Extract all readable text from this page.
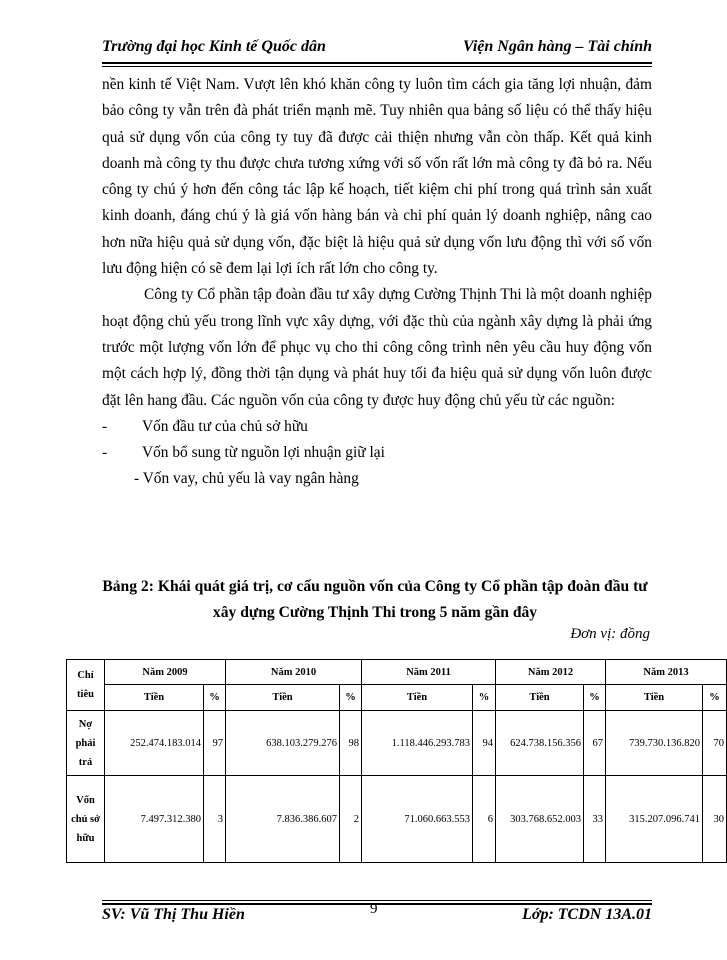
Trường đại học Kinh tế Quốc dân	Viện Ngân hàng – Tài chính

nền kinh tế Việt Nam. Vượt lên khó khăn công ty luôn tìm cách gia tăng lợi nhuận, đảm bảo công ty vẫn trên đà phát triển mạnh mẽ. Tuy nhiên qua bảng số liệu có thể thấy hiệu quả sử dụng vốn của công ty tuy đã được cải thiện nhưng vẫn còn thấp. Kết quả kinh doanh mà công ty thu được chưa tương xứng với số vốn rất lớn mà công ty đã bỏ ra. Nếu công ty chú ý hơn đến công tác lập kế hoạch, tiết kiệm chi phí trong quá trình sản xuất kinh doanh, đáng chú ý là giá vốn hàng bán và chi phí quản lý doanh nghiệp, nâng cao hơn nữa hiệu quả sử dụng vốn, đặc biệt là hiệu quả sử dụng vốn lưu động thì với số vốn lưu động hiện có sẽ đem lại lợi ích rất lớn cho công ty.

Công ty Cổ phần tập đoàn đầu tư xây dựng Cường Thịnh Thi là một doanh nghiệp hoạt động chủ yếu trong lĩnh vực xây dựng, với đặc thù của ngành xây dựng là phải ứng trước một lượng vốn lớn để phục vụ cho thi công công trình nên yêu cầu huy động vốn một cách hợp lý, đồng thời tận dụng và phát huy tối đa hiệu quả sử dụng vốn luôn được đặt lên hang đầu. Các nguồn vốn của công ty được huy động chủ yếu từ các nguồn:

- Vốn đầu tư của chủ sở hữu

- Vốn bổ sung từ nguồn lợi nhuận giữ lại

- Vốn vay, chủ yếu là vay ngân hàng

Bảng 2: Khái quát giá trị, cơ cấu nguồn vốn của Công ty Cổ phần tập đoàn đầu tư xây dựng Cường Thịnh Thi trong 5 năm gần đây
Đơn vị: đồng
Chỉ tiêu	Năm 2009		Năm 2010		Năm 2011		Năm 2012		Năm 2013	
	Tiền	%	Tiền	%	Tiền	%	Tiền	%	Tiền	%
Nợ phải trả	252.474.183.014	97	638.103.279.276	98	1.118.446.293.783	94	624.738.156.356	67	739.730.136.820	70
Vốn chủ sở hữu	7.497.312.380	3	7.836.386.607	2	71.060.663.553	6	303.768.652.003	33	315.207.096.741	30
SV: Vũ Thị Thu Hiền	9	Lớp: TCDN 13A.01
